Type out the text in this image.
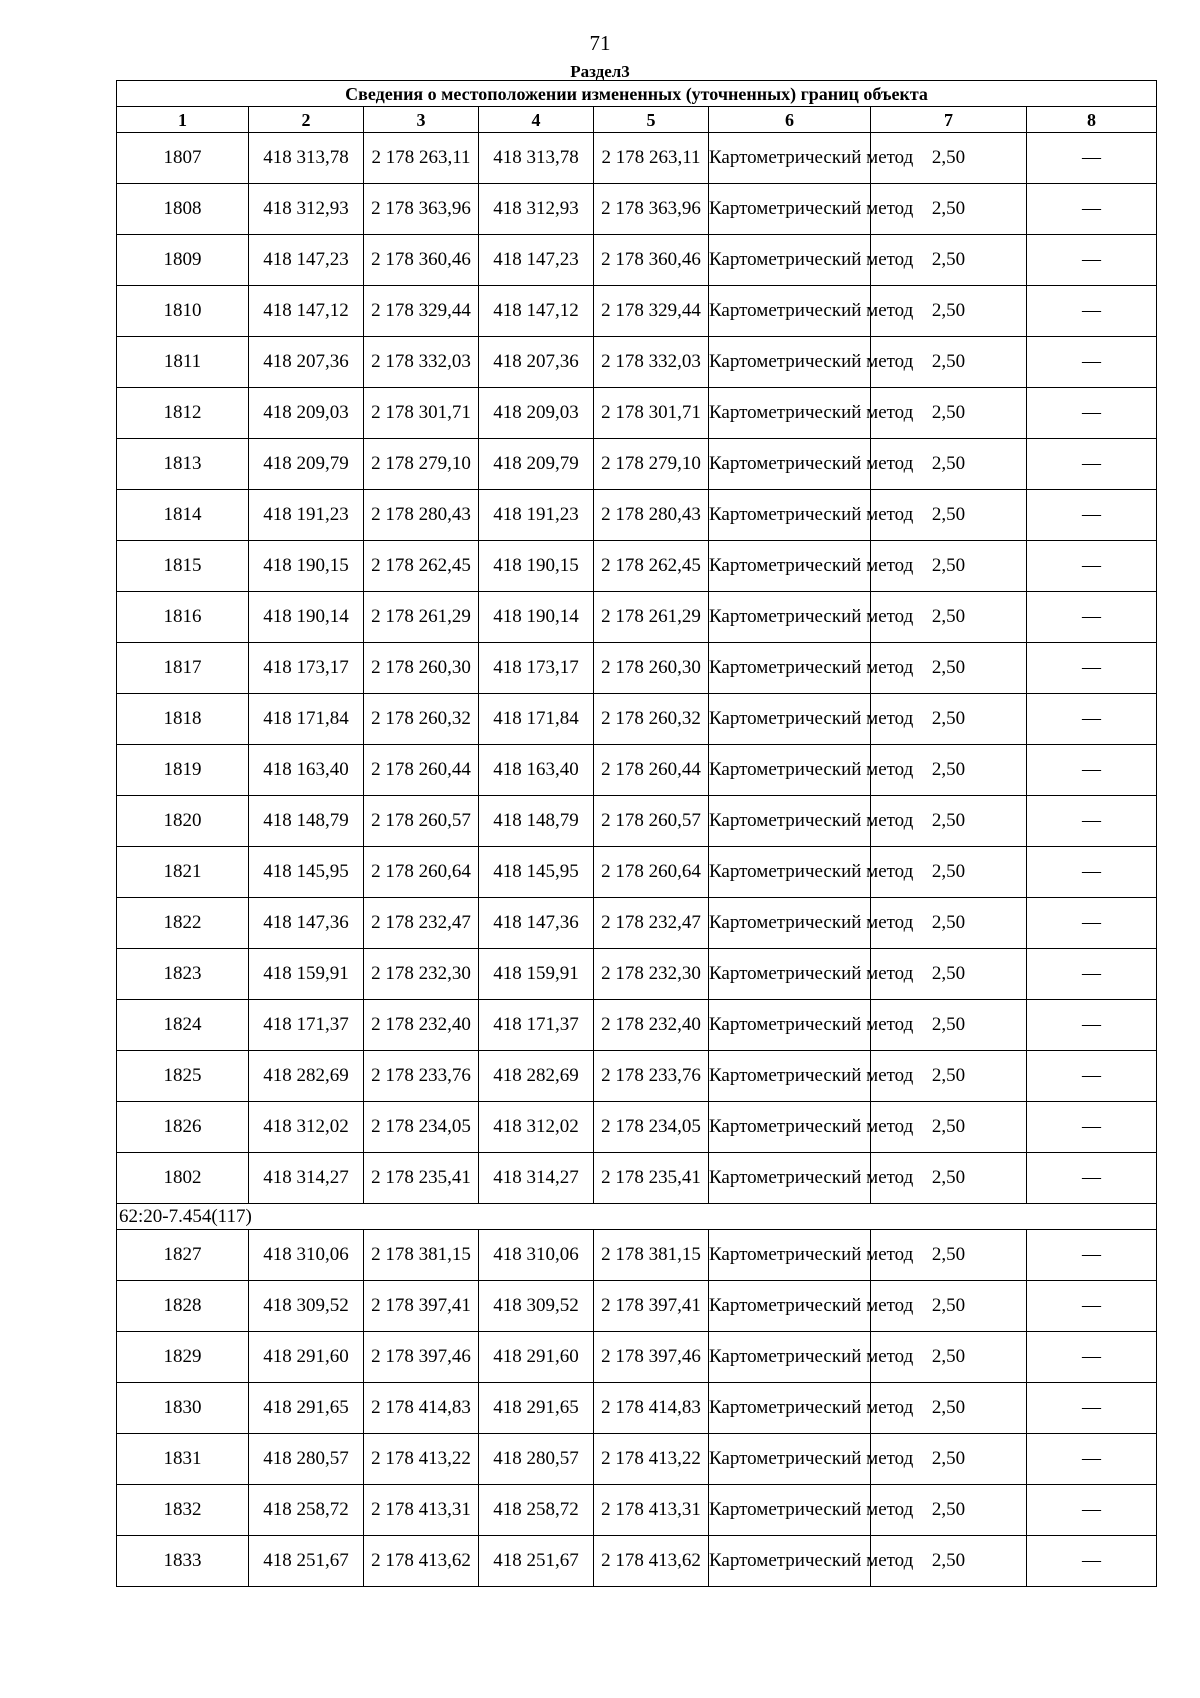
71
Раздел3
Сведения о местоположении измененных (уточненных) границ объекта							
1	2	3	4	5	6	7	8
1807	418 313,78	2 178 263,11	418 313,78	2 178 263,11	Картометрический метод	2,50	—
1808	418 312,93	2 178 363,96	418 312,93	2 178 363,96	Картометрический метод	2,50	—
1809	418 147,23	2 178 360,46	418 147,23	2 178 360,46	Картометрический метод	2,50	—
1810	418 147,12	2 178 329,44	418 147,12	2 178 329,44	Картометрический метод	2,50	—
1811	418 207,36	2 178 332,03	418 207,36	2 178 332,03	Картометрический метод	2,50	—
1812	418 209,03	2 178 301,71	418 209,03	2 178 301,71	Картометрический метод	2,50	—
1813	418 209,79	2 178 279,10	418 209,79	2 178 279,10	Картометрический метод	2,50	—
1814	418 191,23	2 178 280,43	418 191,23	2 178 280,43	Картометрический метод	2,50	—
1815	418 190,15	2 178 262,45	418 190,15	2 178 262,45	Картометрический метод	2,50	—
1816	418 190,14	2 178 261,29	418 190,14	2 178 261,29	Картометрический метод	2,50	—
1817	418 173,17	2 178 260,30	418 173,17	2 178 260,30	Картометрический метод	2,50	—
1818	418 171,84	2 178 260,32	418 171,84	2 178 260,32	Картометрический метод	2,50	—
1819	418 163,40	2 178 260,44	418 163,40	2 178 260,44	Картометрический метод	2,50	—
1820	418 148,79	2 178 260,57	418 148,79	2 178 260,57	Картометрический метод	2,50	—
1821	418 145,95	2 178 260,64	418 145,95	2 178 260,64	Картометрический метод	2,50	—
1822	418 147,36	2 178 232,47	418 147,36	2 178 232,47	Картометрический метод	2,50	—
1823	418 159,91	2 178 232,30	418 159,91	2 178 232,30	Картометрический метод	2,50	—
1824	418 171,37	2 178 232,40	418 171,37	2 178 232,40	Картометрический метод	2,50	—
1825	418 282,69	2 178 233,76	418 282,69	2 178 233,76	Картометрический метод	2,50	—
1826	418 312,02	2 178 234,05	418 312,02	2 178 234,05	Картометрический метод	2,50	—
1802	418 314,27	2 178 235,41	418 314,27	2 178 235,41	Картометрический метод	2,50	—
62:20-7.454(117)							
1827	418 310,06	2 178 381,15	418 310,06	2 178 381,15	Картометрический метод	2,50	—
1828	418 309,52	2 178 397,41	418 309,52	2 178 397,41	Картометрический метод	2,50	—
1829	418 291,60	2 178 397,46	418 291,60	2 178 397,46	Картометрический метод	2,50	—
1830	418 291,65	2 178 414,83	418 291,65	2 178 414,83	Картометрический метод	2,50	—
1831	418 280,57	2 178 413,22	418 280,57	2 178 413,22	Картометрический метод	2,50	—
1832	418 258,72	2 178 413,31	418 258,72	2 178 413,31	Картометрический метод	2,50	—
1833	418 251,67	2 178 413,62	418 251,67	2 178 413,62	Картометрический метод	2,50	—
